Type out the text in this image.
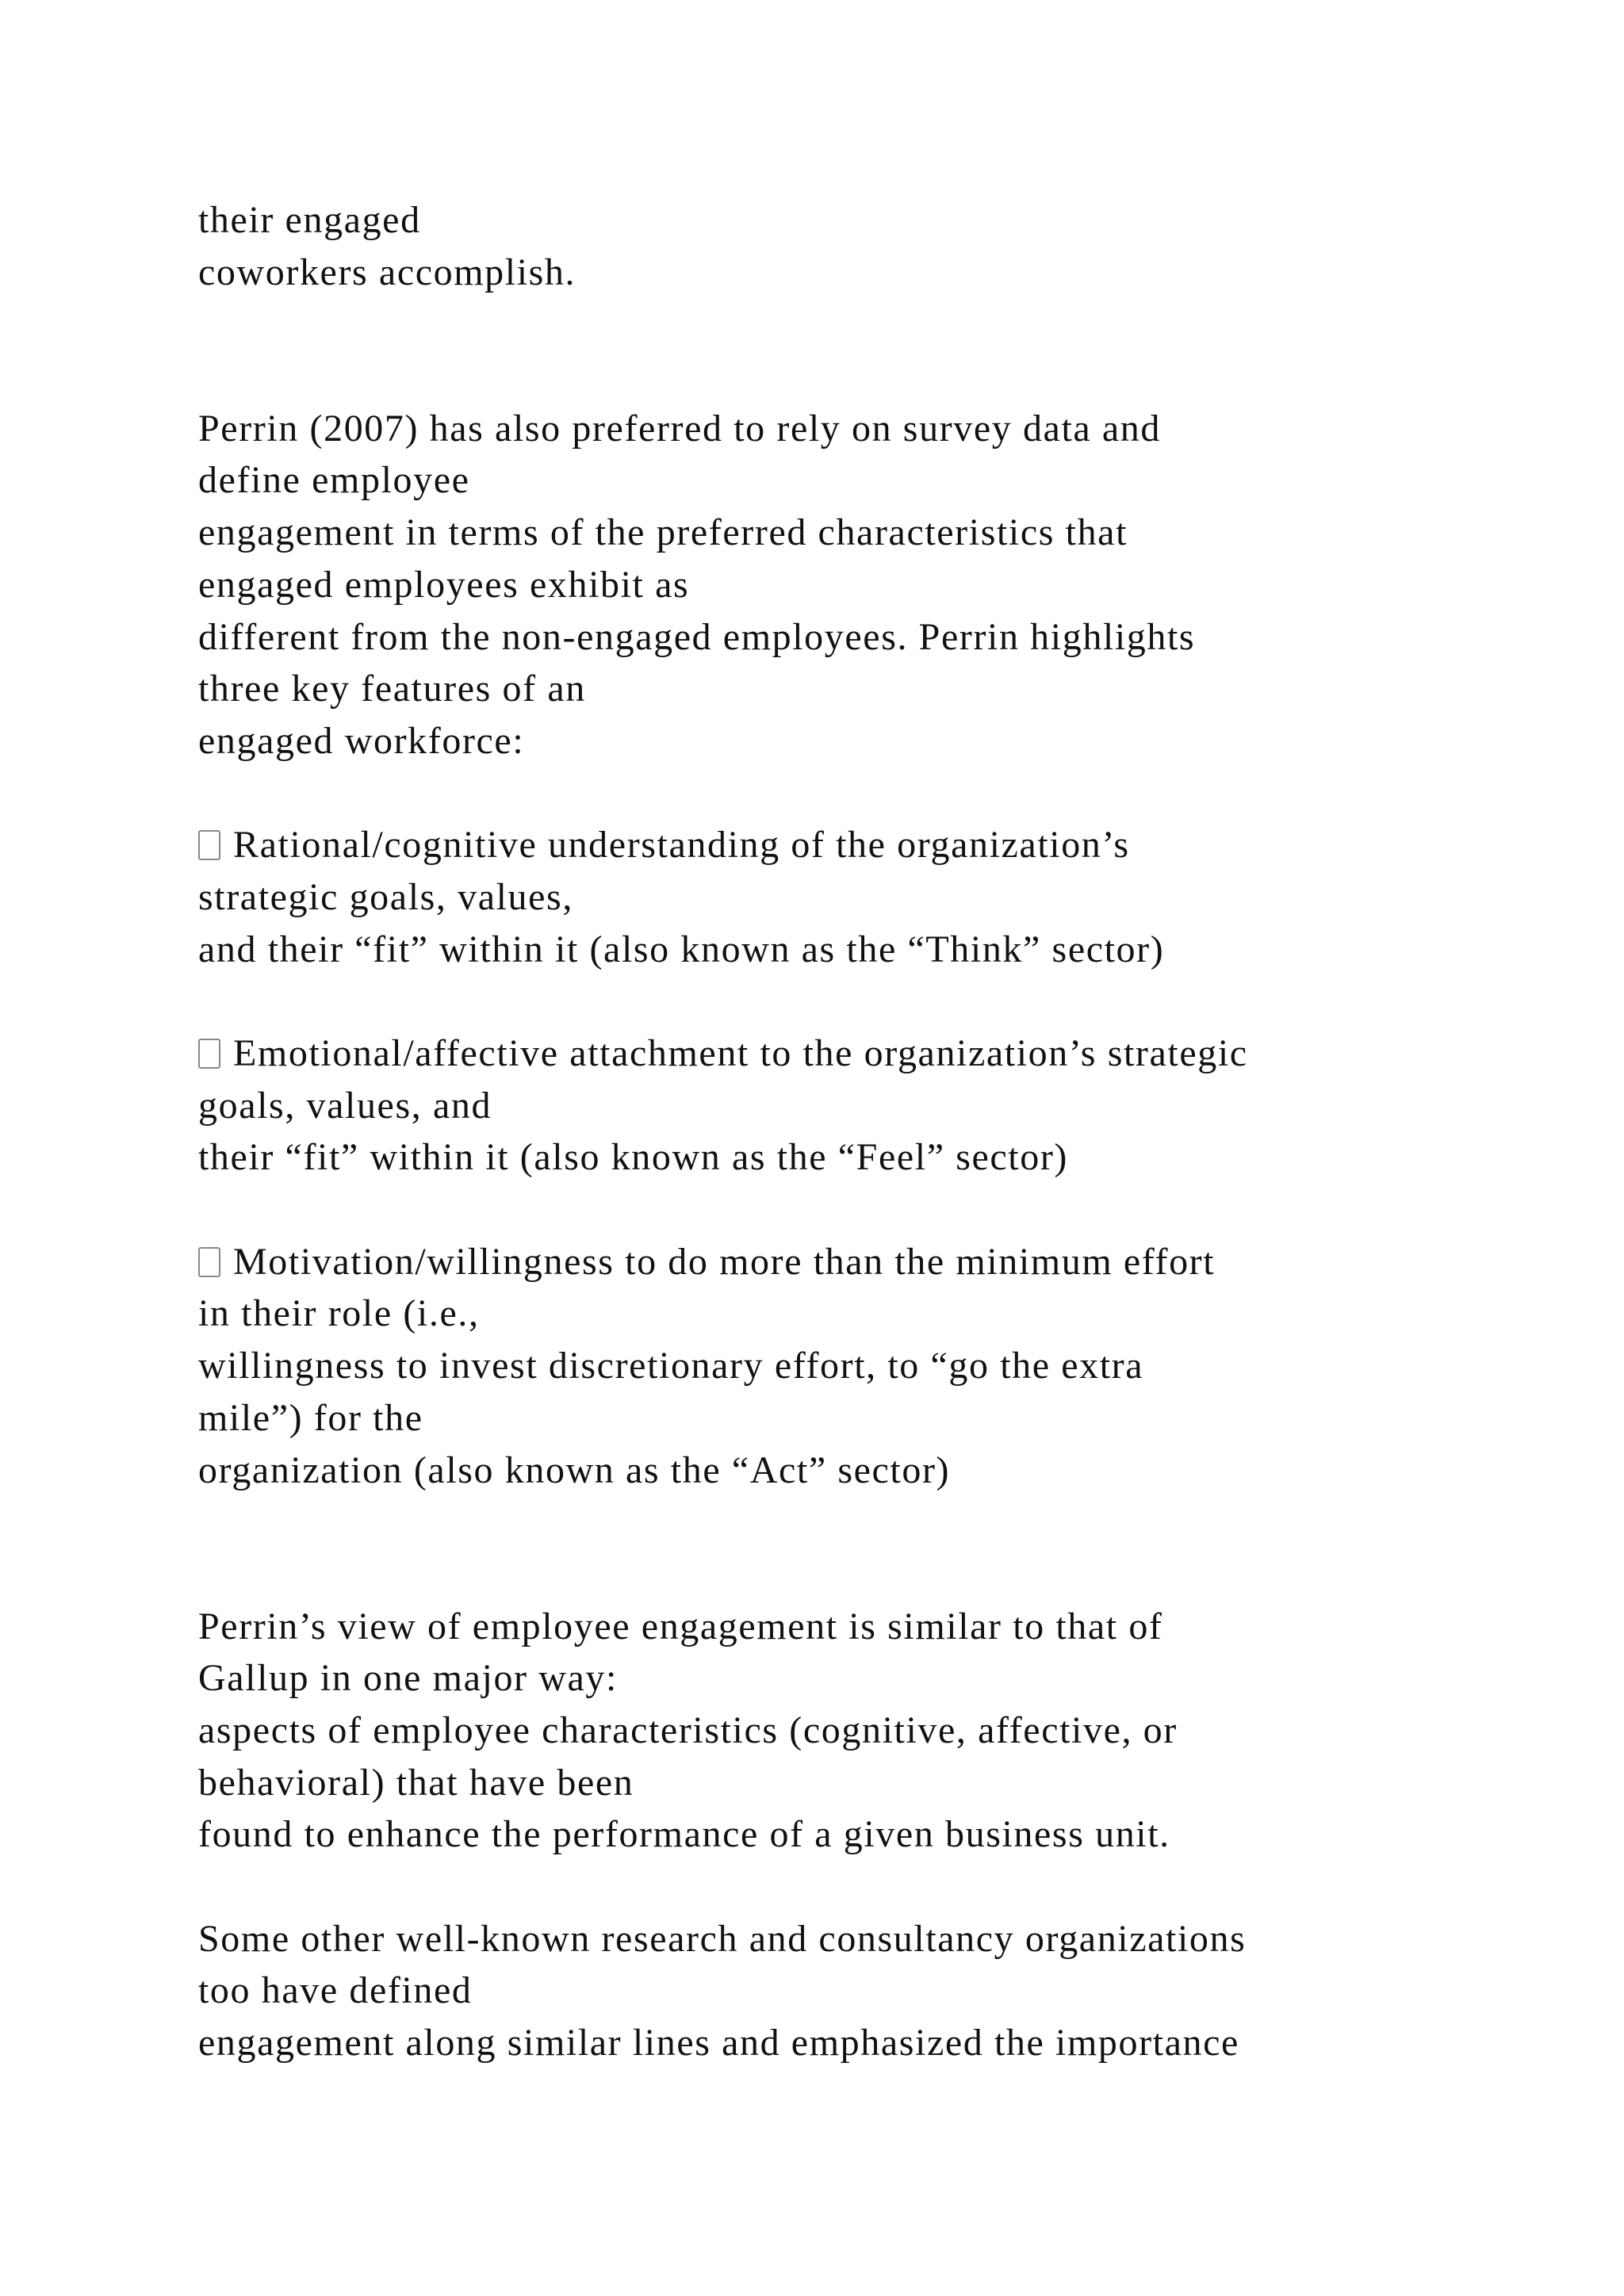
their engaged
coworkers accomplish.
Perrin (2007) has also preferred to rely on survey data and
define employee
engagement in terms of the preferred characteristics that
engaged employees exhibit as
different from the non-engaged employees. Perrin highlights
three key features of an
engaged workforce:
Rational/cognitive understanding of the organization’s
strategic goals, values,
and their “fit” within it (also known as the “Think” sector)
Emotional/affective attachment to the organization’s strategic
goals, values, and
their “fit” within it (also known as the “Feel” sector)
Motivation/willingness to do more than the minimum effort
in their role (i.e.,
willingness to invest discretionary effort, to “go the extra
mile”) for the
organization (also known as the “Act” sector)
Perrin’s view of employee engagement is similar to that of
Gallup in one major way:
aspects of employee characteristics (cognitive, affective, or
behavioral) that have been
found to enhance the performance of a given business unit.
Some other well-known research and consultancy organizations
too have defined
engagement along similar lines and emphasized the importance
